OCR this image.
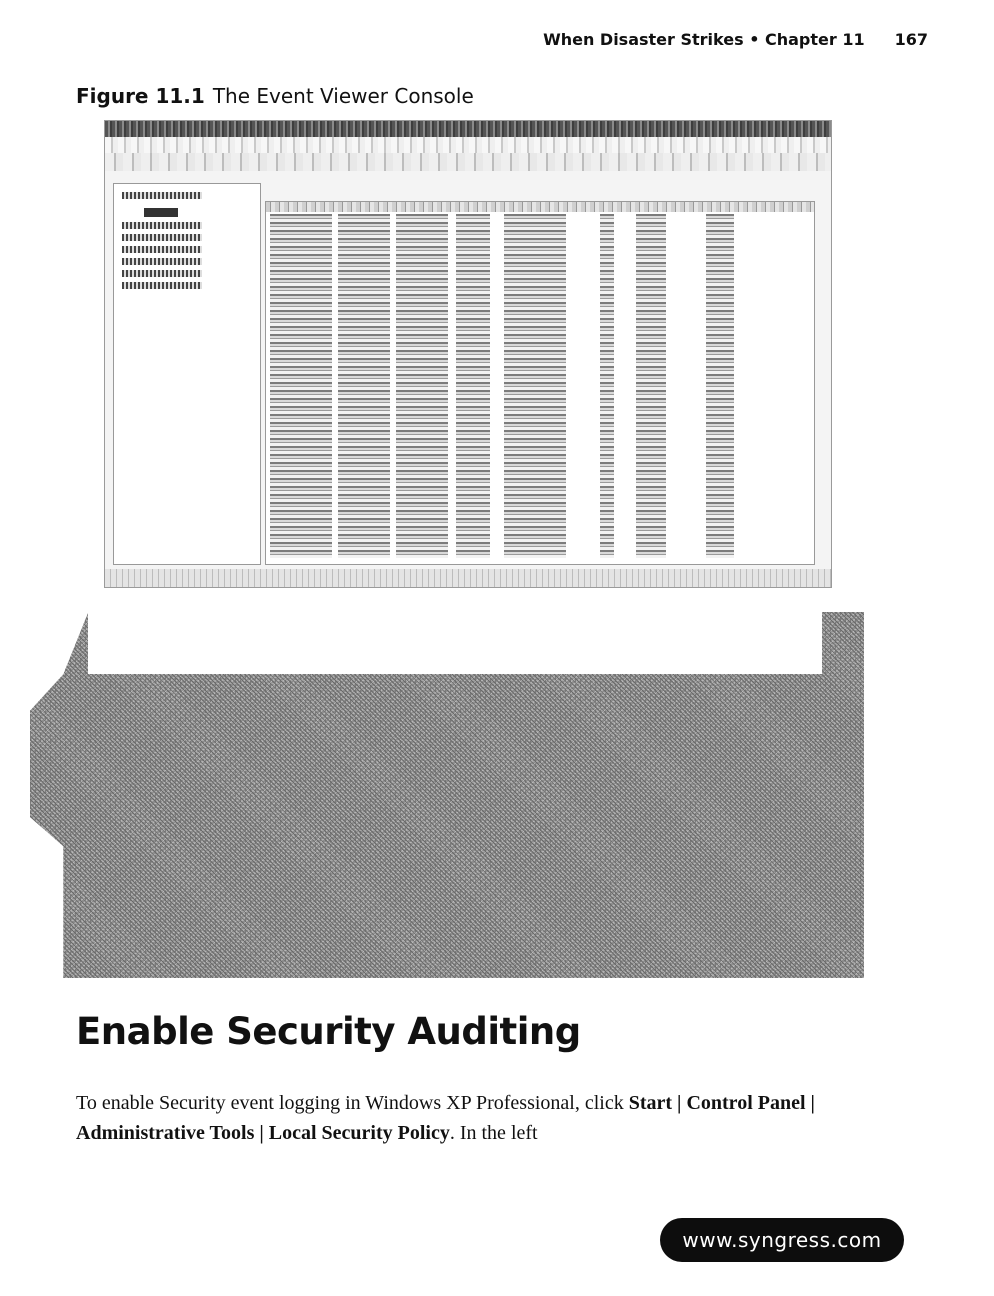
When Disaster Strikes • Chapter 11 167
Figure 11.1 The Event Viewer Console
Enable Security Auditing

To enable Security event logging in Windows XP Professional, click Start | Control Panel | Administrative Tools | Local Security Policy. In the left

www.syngress.com
